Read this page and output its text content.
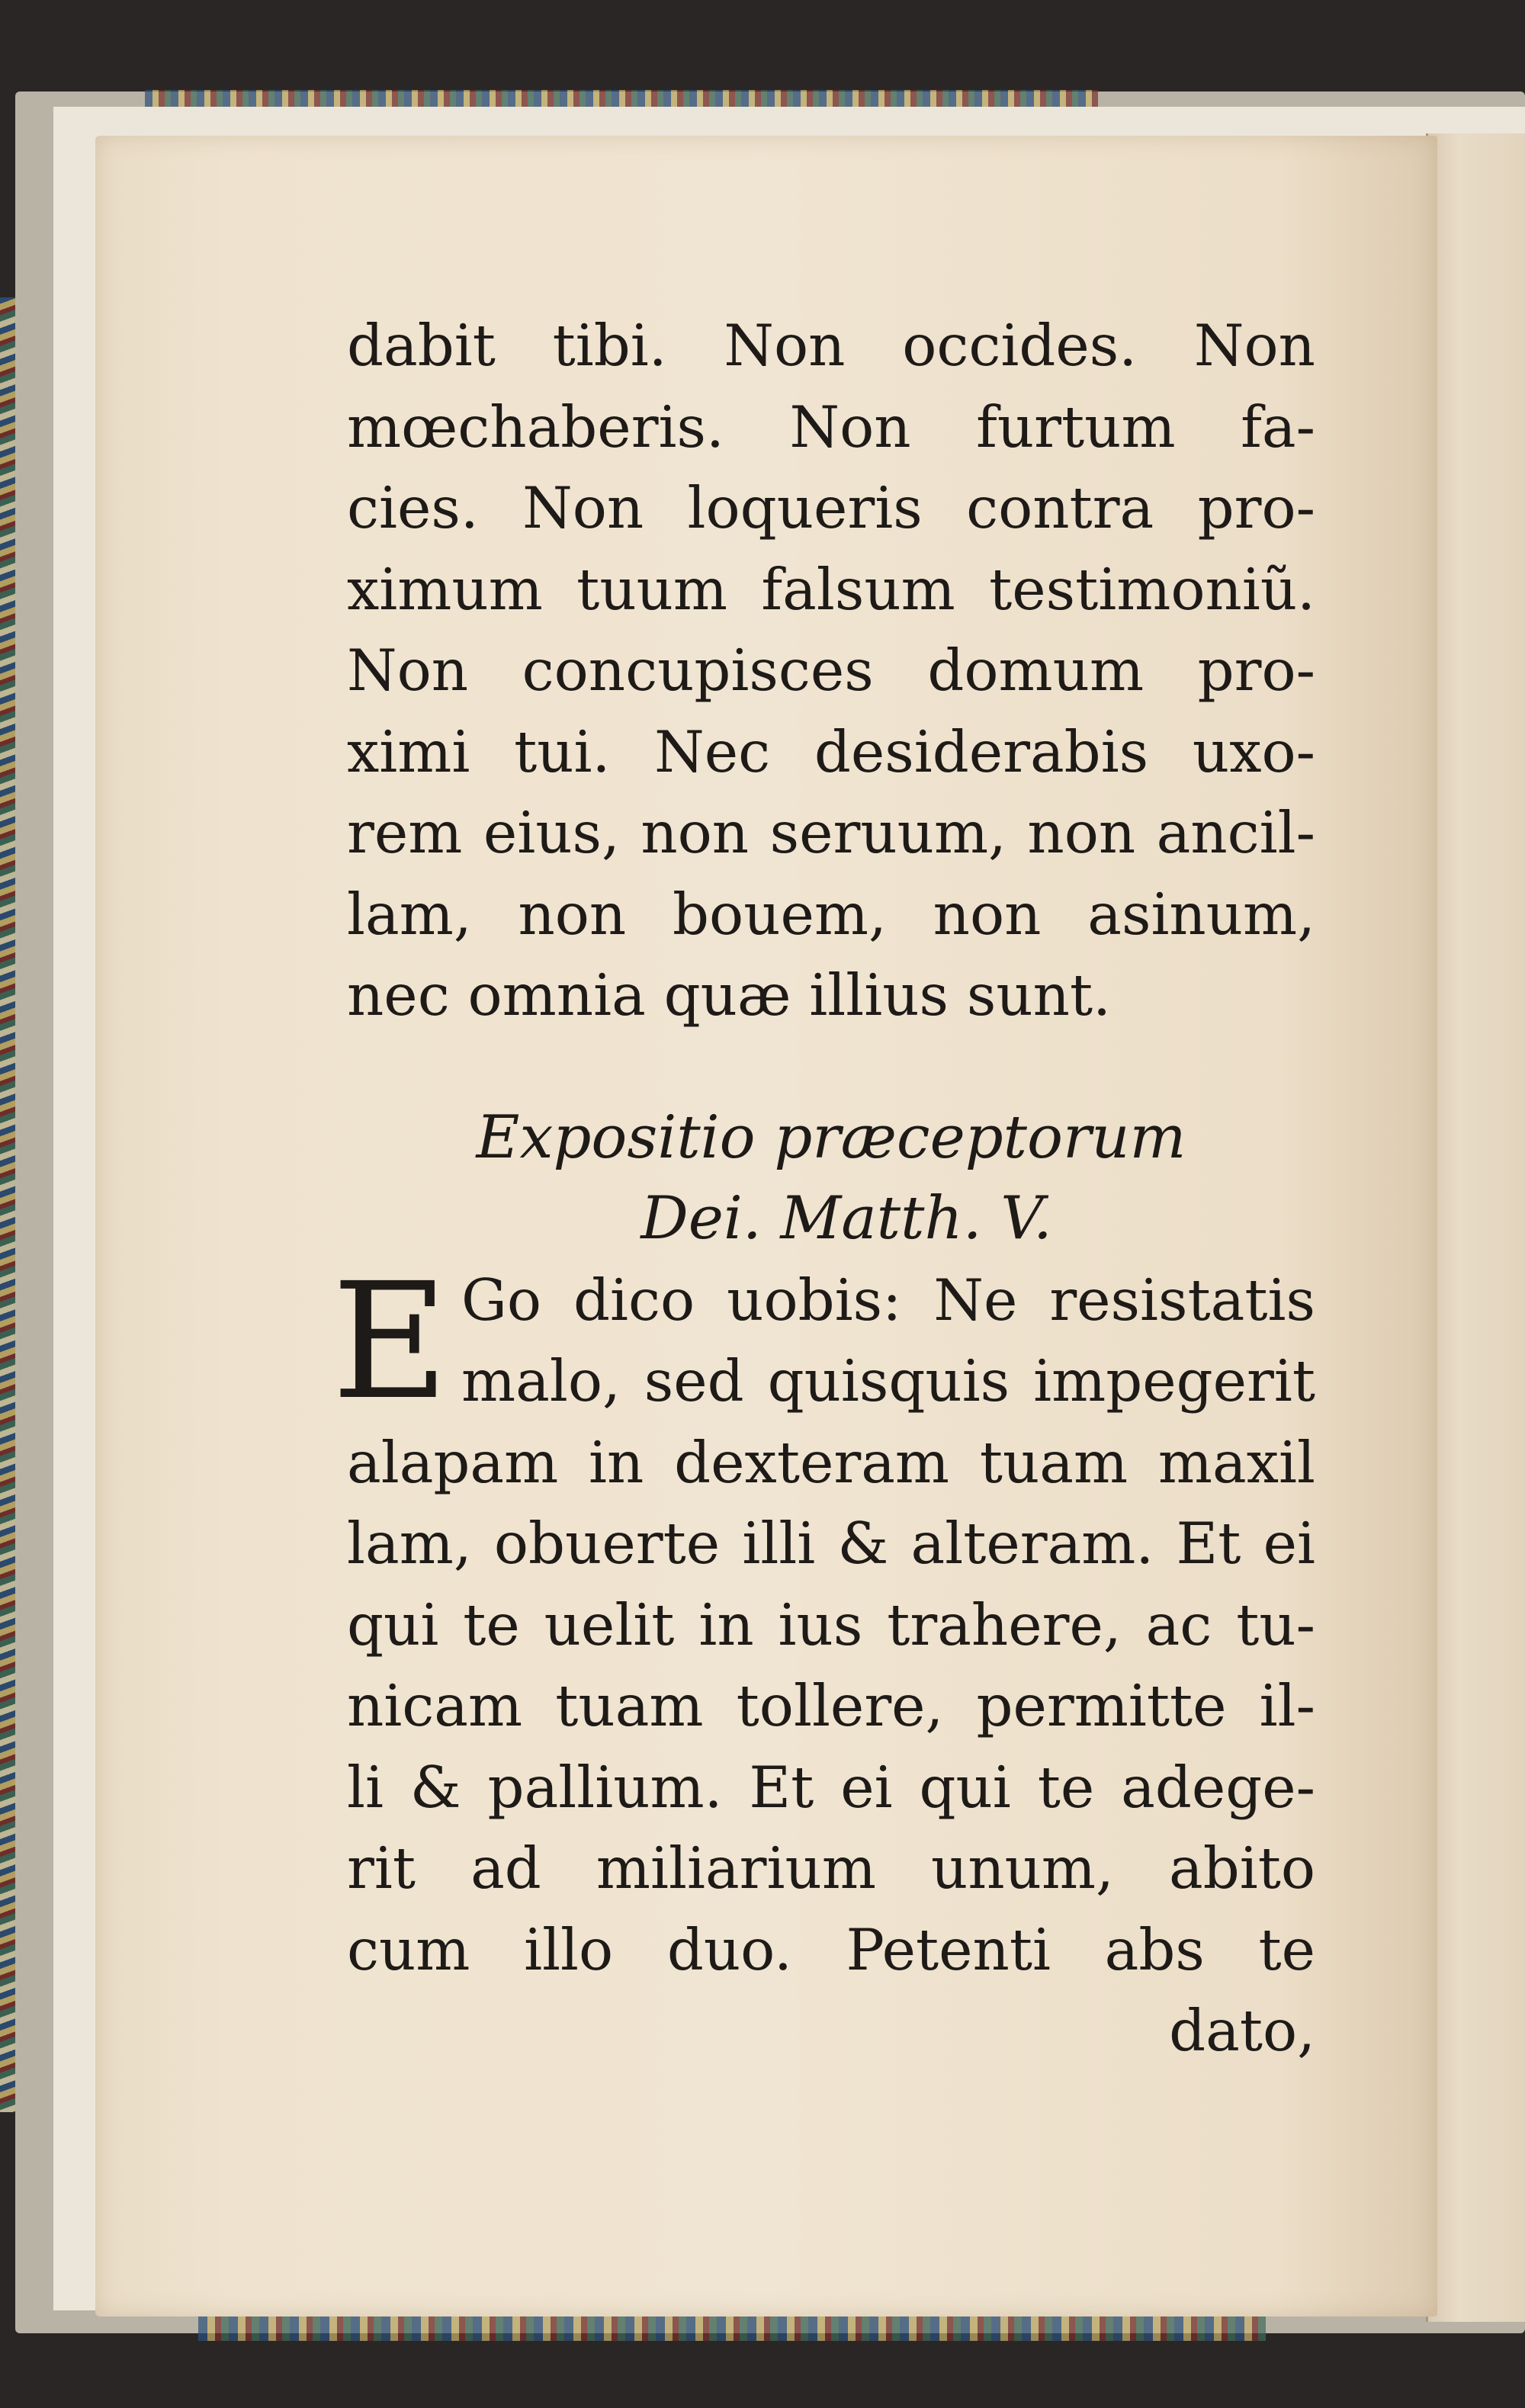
dabit tibi. Non occides. Non
mœchaberis. Non furtum fa-
cies. Non loqueris contra pro-
ximum tuum falsum testimoniũ.
Non concupisces domum pro-
ximi tui. Nec desiderabis uxo-
rem eius, non seruum, non ancil-
lam, non bouem, non asinum,
nec omnia quæ illius sunt.
Expositio præceptorum
Dei. Matth. V.
E Go dico uobis: Ne resistatis
malo, sed quisquis impegerit
alapam in dexteram tuam maxil
lam, obuerte illi & alteram. Et ei
qui te uelit in ius trahere, ac tu-
nicam tuam tollere, permitte il-
li & pallium. Et ei qui te adege-
rit ad miliarium unum, abito
cum illo duo. Petenti abs te
dato,
